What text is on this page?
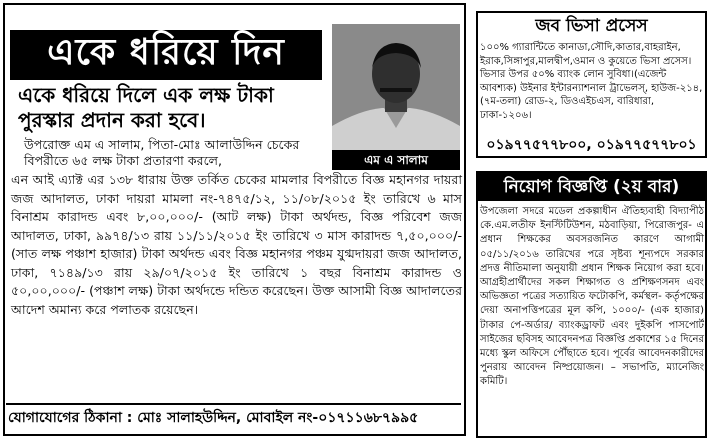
একে ধরিয়ে দিন
একে ধরিয়ে দিলে এক লক্ষ টাকা পুরস্কার প্রদান করা হবে।
এম এ সালাম
উপরোক্ত এম এ সালাম, পিতা-মোঃ আলাউদ্দিন চেকের বিপরীতে ৬৫ লক্ষ টাকা প্রতারণা করলে,
এন আই এ্যাক্ট এর ১৩৮ ধারায় উক্ত তর্কিত চেকের মামলার বিপরীতে বিজ্ঞ মহানগর দায়রা জজ আদালত, ঢাকা দায়রা মামলা নং-৭৪৭৫/১২, ১১/০৮/২০১৫ ইং তারিখে ৬ মাস বিনাশ্রম কারাদন্ড এবং ৮,০০,০০০/- (আট লক্ষ) টাকা অর্থদন্ড, বিজ্ঞ পরিবেশ জজ আদালত, ঢাকা, ৯৯৭৪/১৩ রায় ১১/১১/২০১৫ ইং তারিখে ৩ মাস কারাদন্ড ৭,৫০,০০০/- (সাত লক্ষ পঞ্চাশ হাজার) টাকা অর্থদন্ড এবং বিজ্ঞ মহানগর পঞ্চম যুগ্মদায়রা জজ আদালত, ঢাকা, ৭১৪৯/১৩ রায় ২৯/০৭/২০১৫ ইং তারিখে ১ বছর বিনাশ্রম কারাদন্ড ও ৫০,০০,০০০/- (পঞ্চাশ লক্ষ) টাকা অর্থদন্ডে দন্ডিত করেছেন। উক্ত আসামী বিজ্ঞ আদালতের আদেশ অমান্য করে পলাতক রয়েছেন।
যোগাযোগের ঠিকানা : মোঃ সালাহউদ্দিন, মোবাইল নং-০১৭১১৬৮৭৯৯৫
জব ভিসা প্রসেস
১০০% গ্যারান্টিতে কানাডা,সৌদি,কাতার,বাহরাইন, ইরাক,সিঙ্গাপুর,মালদ্বীপ,ওমান ও কুয়েতে ভিসা প্রসেস। ভিসার উপর ৫০% ব্যাংক লোন সুবিধা।(এজেন্ট আবশ্যক) উইনার ইন্টারন্যাশনাল ট্রাভেলস্, হাউজ-২১৪,(৭ম-তলা) রোড-২, ডিওএইচএস, বারিধারা, ঢাকা-১২০৬।
০১৯৭৭৫৭৭৮০০, ০১৯৭৭৫৭৭৮০১
নিয়োগ বিজ্ঞপ্তি (২য় বার)
উপজেলা সদরে মডেল প্রকল্পাধীন ঐতিহ্যবাহী বিদ্যাপীঠ কে.এম.লতীফ ইনস্টিটিউশন, মঠবাড়িয়া, পিরোজপুর- এ প্রধান শিক্ষকের অবসরজনিত কারণে আগামী ০৫/১১/২০১৬ তারিখের পরে সৃষ্টব্য শূন্যপদে সরকার প্রদত্ত নীতিমালা অনুযায়ী প্রধান শিক্ষক নিয়োগ করা হবে। আগ্রহীপ্রার্থীদের সকল শিক্ষাগত ও প্রশিক্ষণসনদ এবং অভিজ্ঞতা পত্রের সত্যায়িত ফটোকপি, কর্মস্থল- কর্তৃপক্ষের দেয়া অনাপত্তিপত্রের মূল কপি, ১০০০/- (এক হাজার) টাকার পে-অর্ডার/ ব্যাংকড্রাফট এবং দুইকপি পাসপোর্ট সাইজের ছবিসহ আবেদনপত্র বিজ্ঞপ্তি প্রকাশের ১৫ দিনের মধ্যে স্কুল অফিসে পৌঁছাতে হবে। পূর্বের আবেদনকারীদের পুনরায় আবেদন নিষ্প্রয়োজন। – সভাপতি, ম্যানেজিং কমিটি।
